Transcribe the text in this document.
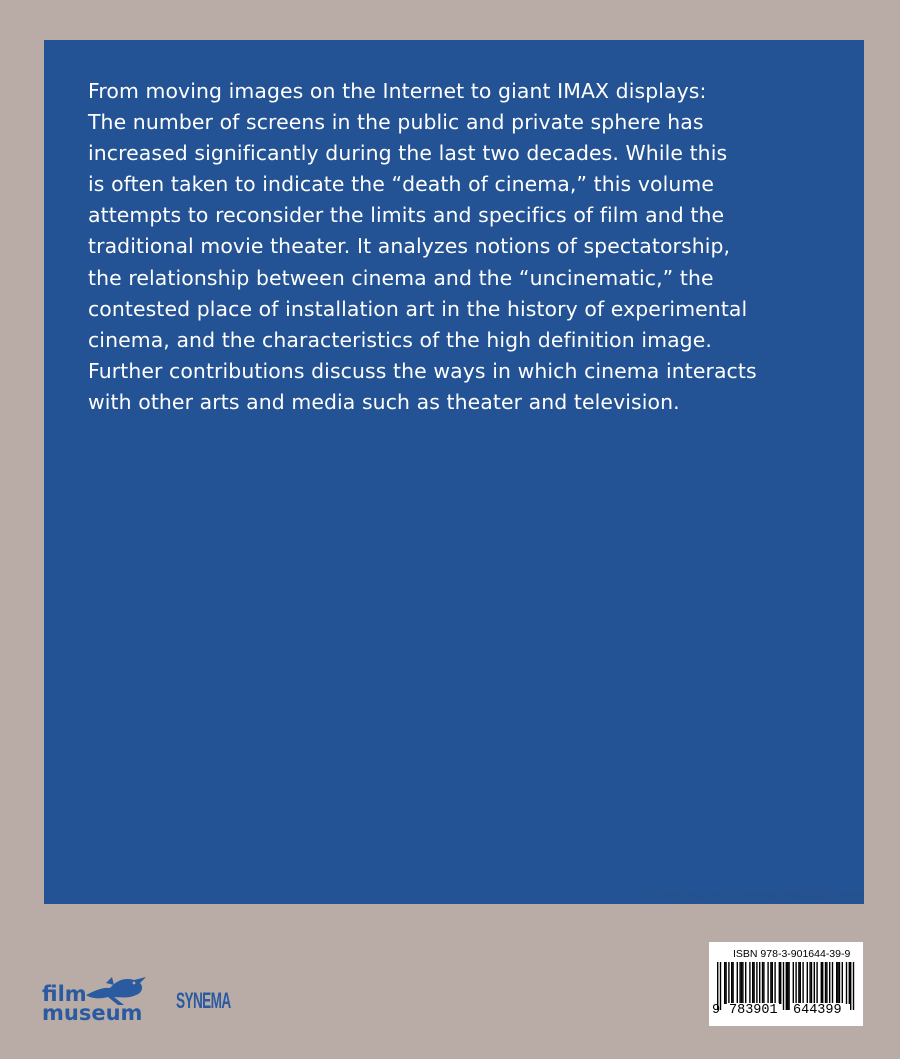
From moving images on the Internet to giant IMAX displays:
The number of screens in the public and private sphere has
increased significantly during the last two decades. While this
is often taken to indicate the “death of cinema,” this volume
attempts to reconsider the limits and specifics of film and the
traditional movie theater. It analyzes notions of spectatorship,
the relationship between cinema and the “uncinematic,” the
contested place of installation art in the history of experimental
cinema, and the characteristics of the high definition image.
Further contributions discuss the ways in which cinema interacts
with other arts and media such as theater and television.

FilmmuseumSynemaPublikationen
film
museum SYNEMA
ISBN 978-3-901644-39-9
9 783901 644399
